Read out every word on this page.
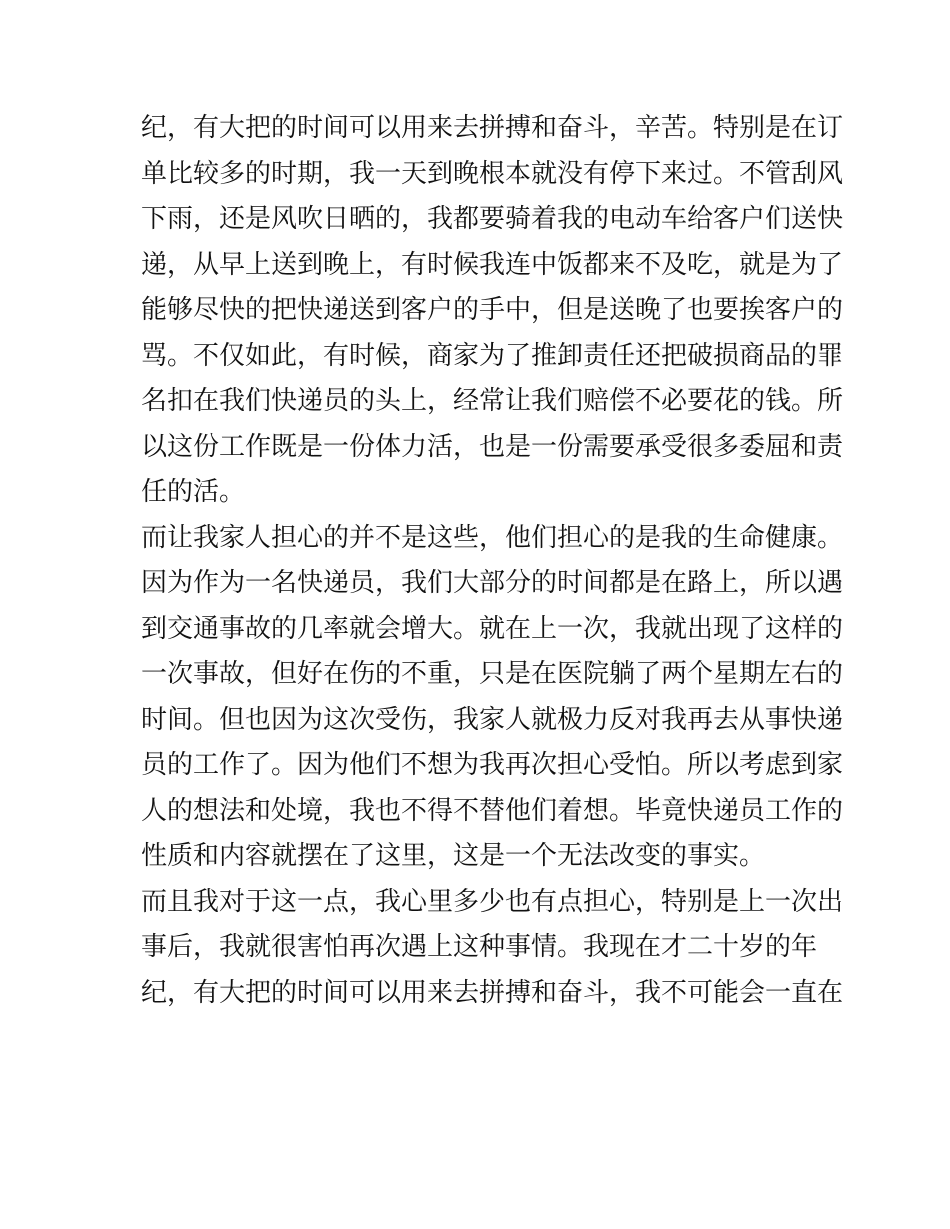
纪，有大把的时间可以用来去拼搏和奋斗，辛苦。特别是在订
单比较多的时期，我一天到晚根本就没有停下来过。不管刮风
下雨，还是风吹日晒的，我都要骑着我的电动车给客户们送快
递，从早上送到晚上，有时候我连中饭都来不及吃，就是为了
能够尽快的把快递送到客户的手中，但是送晚了也要挨客户的
骂。不仅如此，有时候，商家为了推卸责任还把破损商品的罪
名扣在我们快递员的头上，经常让我们赔偿不必要花的钱。所
以这份工作既是一份体力活，也是一份需要承受很多委屈和责
任的活。
而让我家人担心的并不是这些，他们担心的是我的生命健康。
因为作为一名快递员，我们大部分的时间都是在路上，所以遇
到交通事故的几率就会增大。就在上一次，我就出现了这样的
一次事故，但好在伤的不重，只是在医院躺了两个星期左右的
时间。但也因为这次受伤，我家人就极力反对我再去从事快递
员的工作了。因为他们不想为我再次担心受怕。所以考虑到家
人的想法和处境，我也不得不替他们着想。毕竟快递员工作的
性质和内容就摆在了这里，这是一个无法改变的事实。
而且我对于这一点，我心里多少也有点担心，特别是上一次出
事后，我就很害怕再次遇上这种事情。我现在才二十岁的年
纪，有大把的时间可以用来去拼搏和奋斗，我不可能会一直在
